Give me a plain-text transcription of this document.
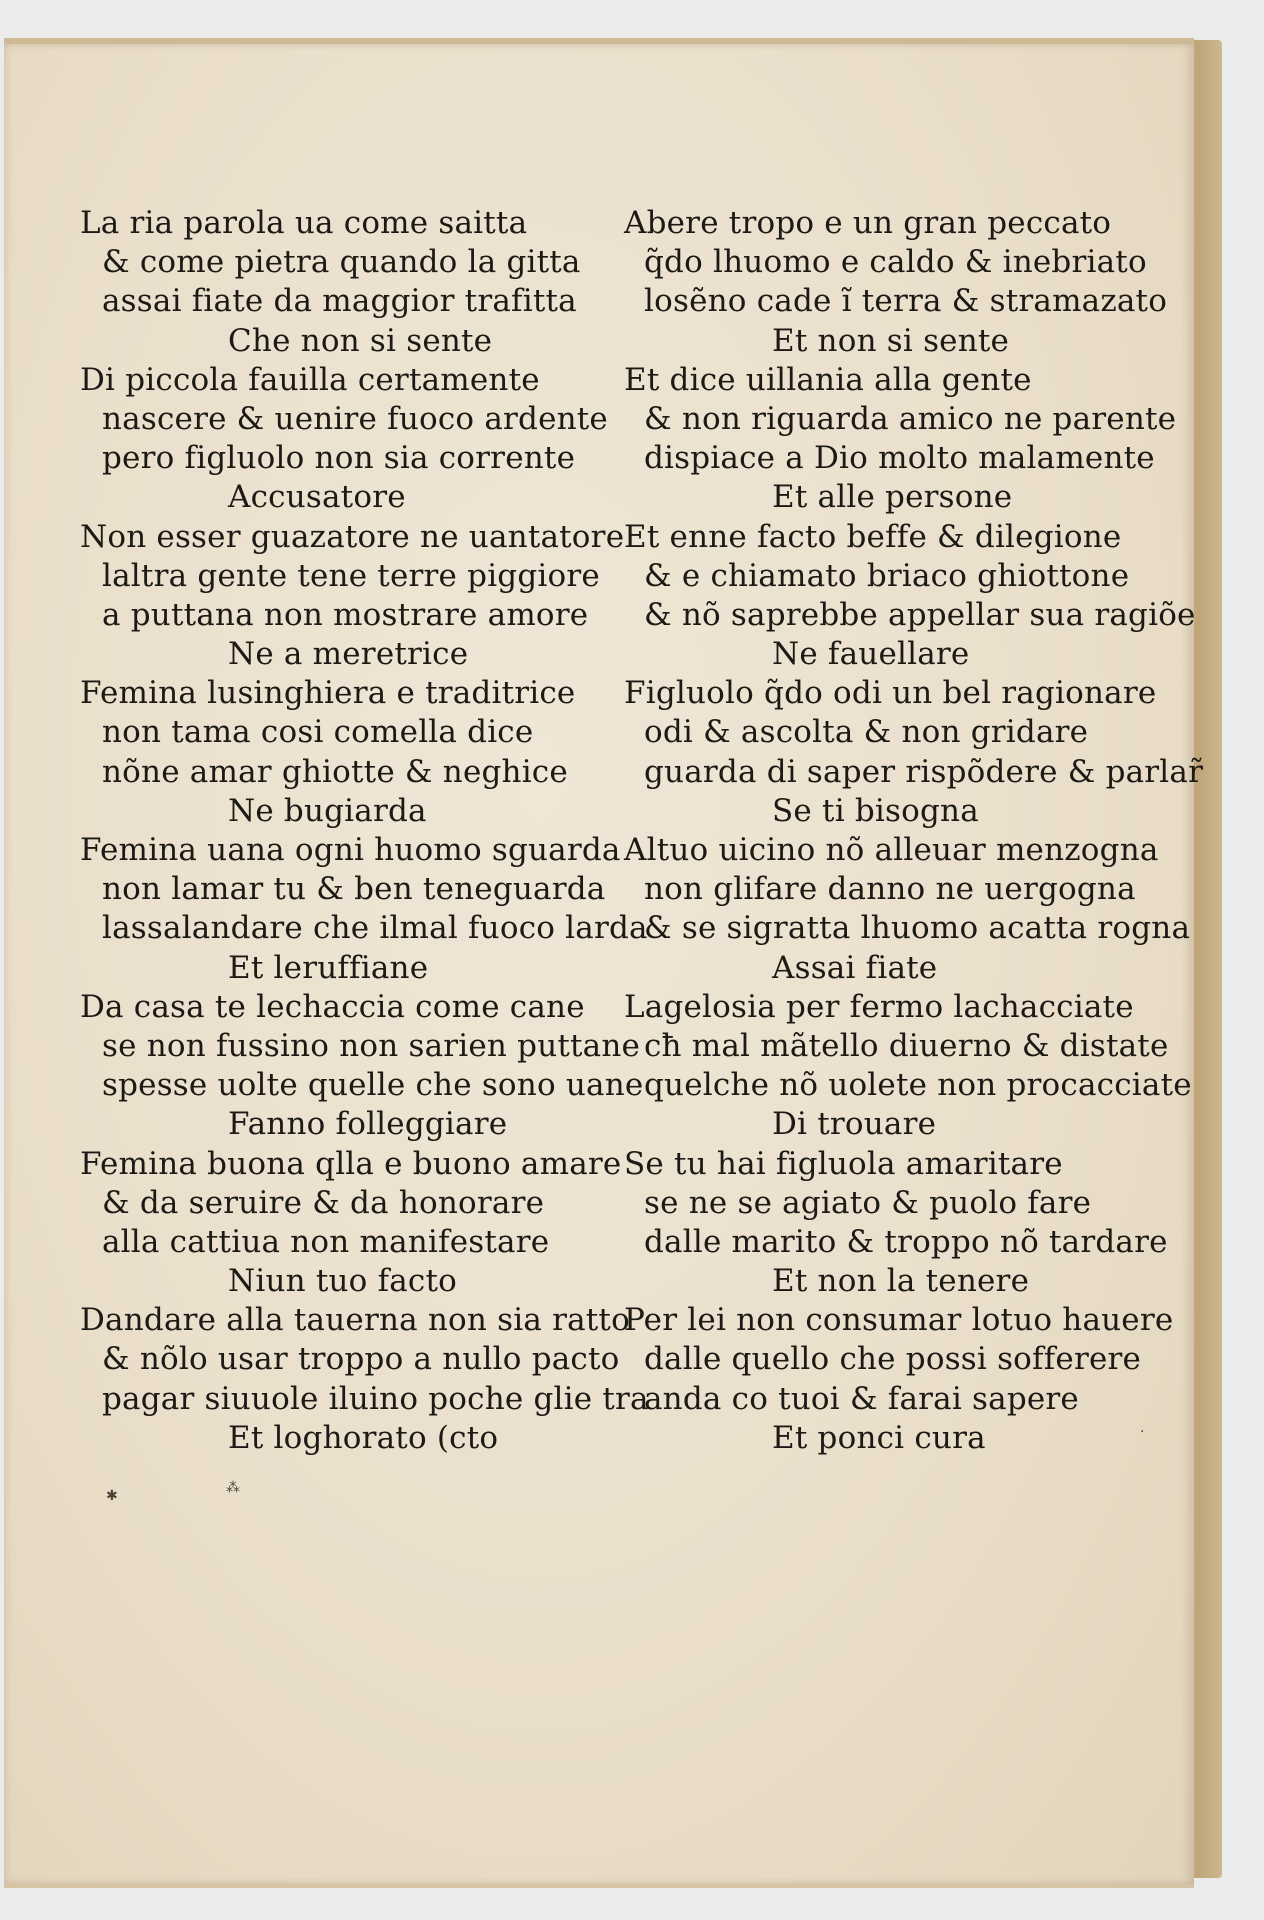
La ria parola ua come saitta
& come pietra quando la gitta
assai fiate da maggior trafitta
Che non si sente
Di piccola fauilla certamente
nascere & uenire fuoco ardente
pero figluolo non sia corrente
Accusatore
Non esser guazatore ne uantatore
laltra gente tene terre piggiore
a puttana non mostrare amore
Ne a meretrice
Femina lusinghiera e traditrice
non tama cosi comella dice
nõne amar ghiotte & neghice
Ne bugiarda
Femina uana ogni huomo sguarda
non lamar tu & ben teneguarda
lassalandare che ilmal fuoco larda
Et leruffiane
Da casa te lechaccia come cane
se non fussino non sarien puttane
spesse uolte quelle che sono uane
Fanno folleggiare
Femina buona qlla e buono amare
& da seruire & da honorare
alla cattiua non manifestare
Niun tuo facto
Dandare alla tauerna non sia ratto
& nõlo usar troppo a nullo pacto
pagar siuuole iluino poche glie tra
Et loghorato (cto
Abere tropo e un gran peccato
q̃do lhuomo e caldo & inebriato
losẽno cade ĩ terra & stramazato
Et non si sente
Et dice uillania alla gente
& non riguarda amico ne parente
dispiace a Dio molto malamente
Et alle persone
Et enne facto beffe & dilegione
& e chiamato briaco ghiottone
& nõ saprebbe appellar sua ragiõe
Ne fauellare
Figluolo q̃do odi un bel ragionare
odi & ascolta & non gridare
guarda di saper rispõdere & parlar̃
Se ti bisogna
Altuo uicino nõ alleuar menzogna
non glifare danno ne uergogna
& se sigratta lhuomo acatta rogna
Assai fiate
Lagelosia per fermo lachacciate
cħ mal mãtello diuerno & distate
quelche nõ uolete non procacciate
Di trouare
Se tu hai figluola amaritare
se ne se agiato & puolo fare
dalle marito & troppo nõ tardare
Et non la tenere
Per lei non consumar lotuo hauere
dalle quello che possi sofferere
anda co tuoi & farai sapere
Et ponci cura
✱	⁂
·
